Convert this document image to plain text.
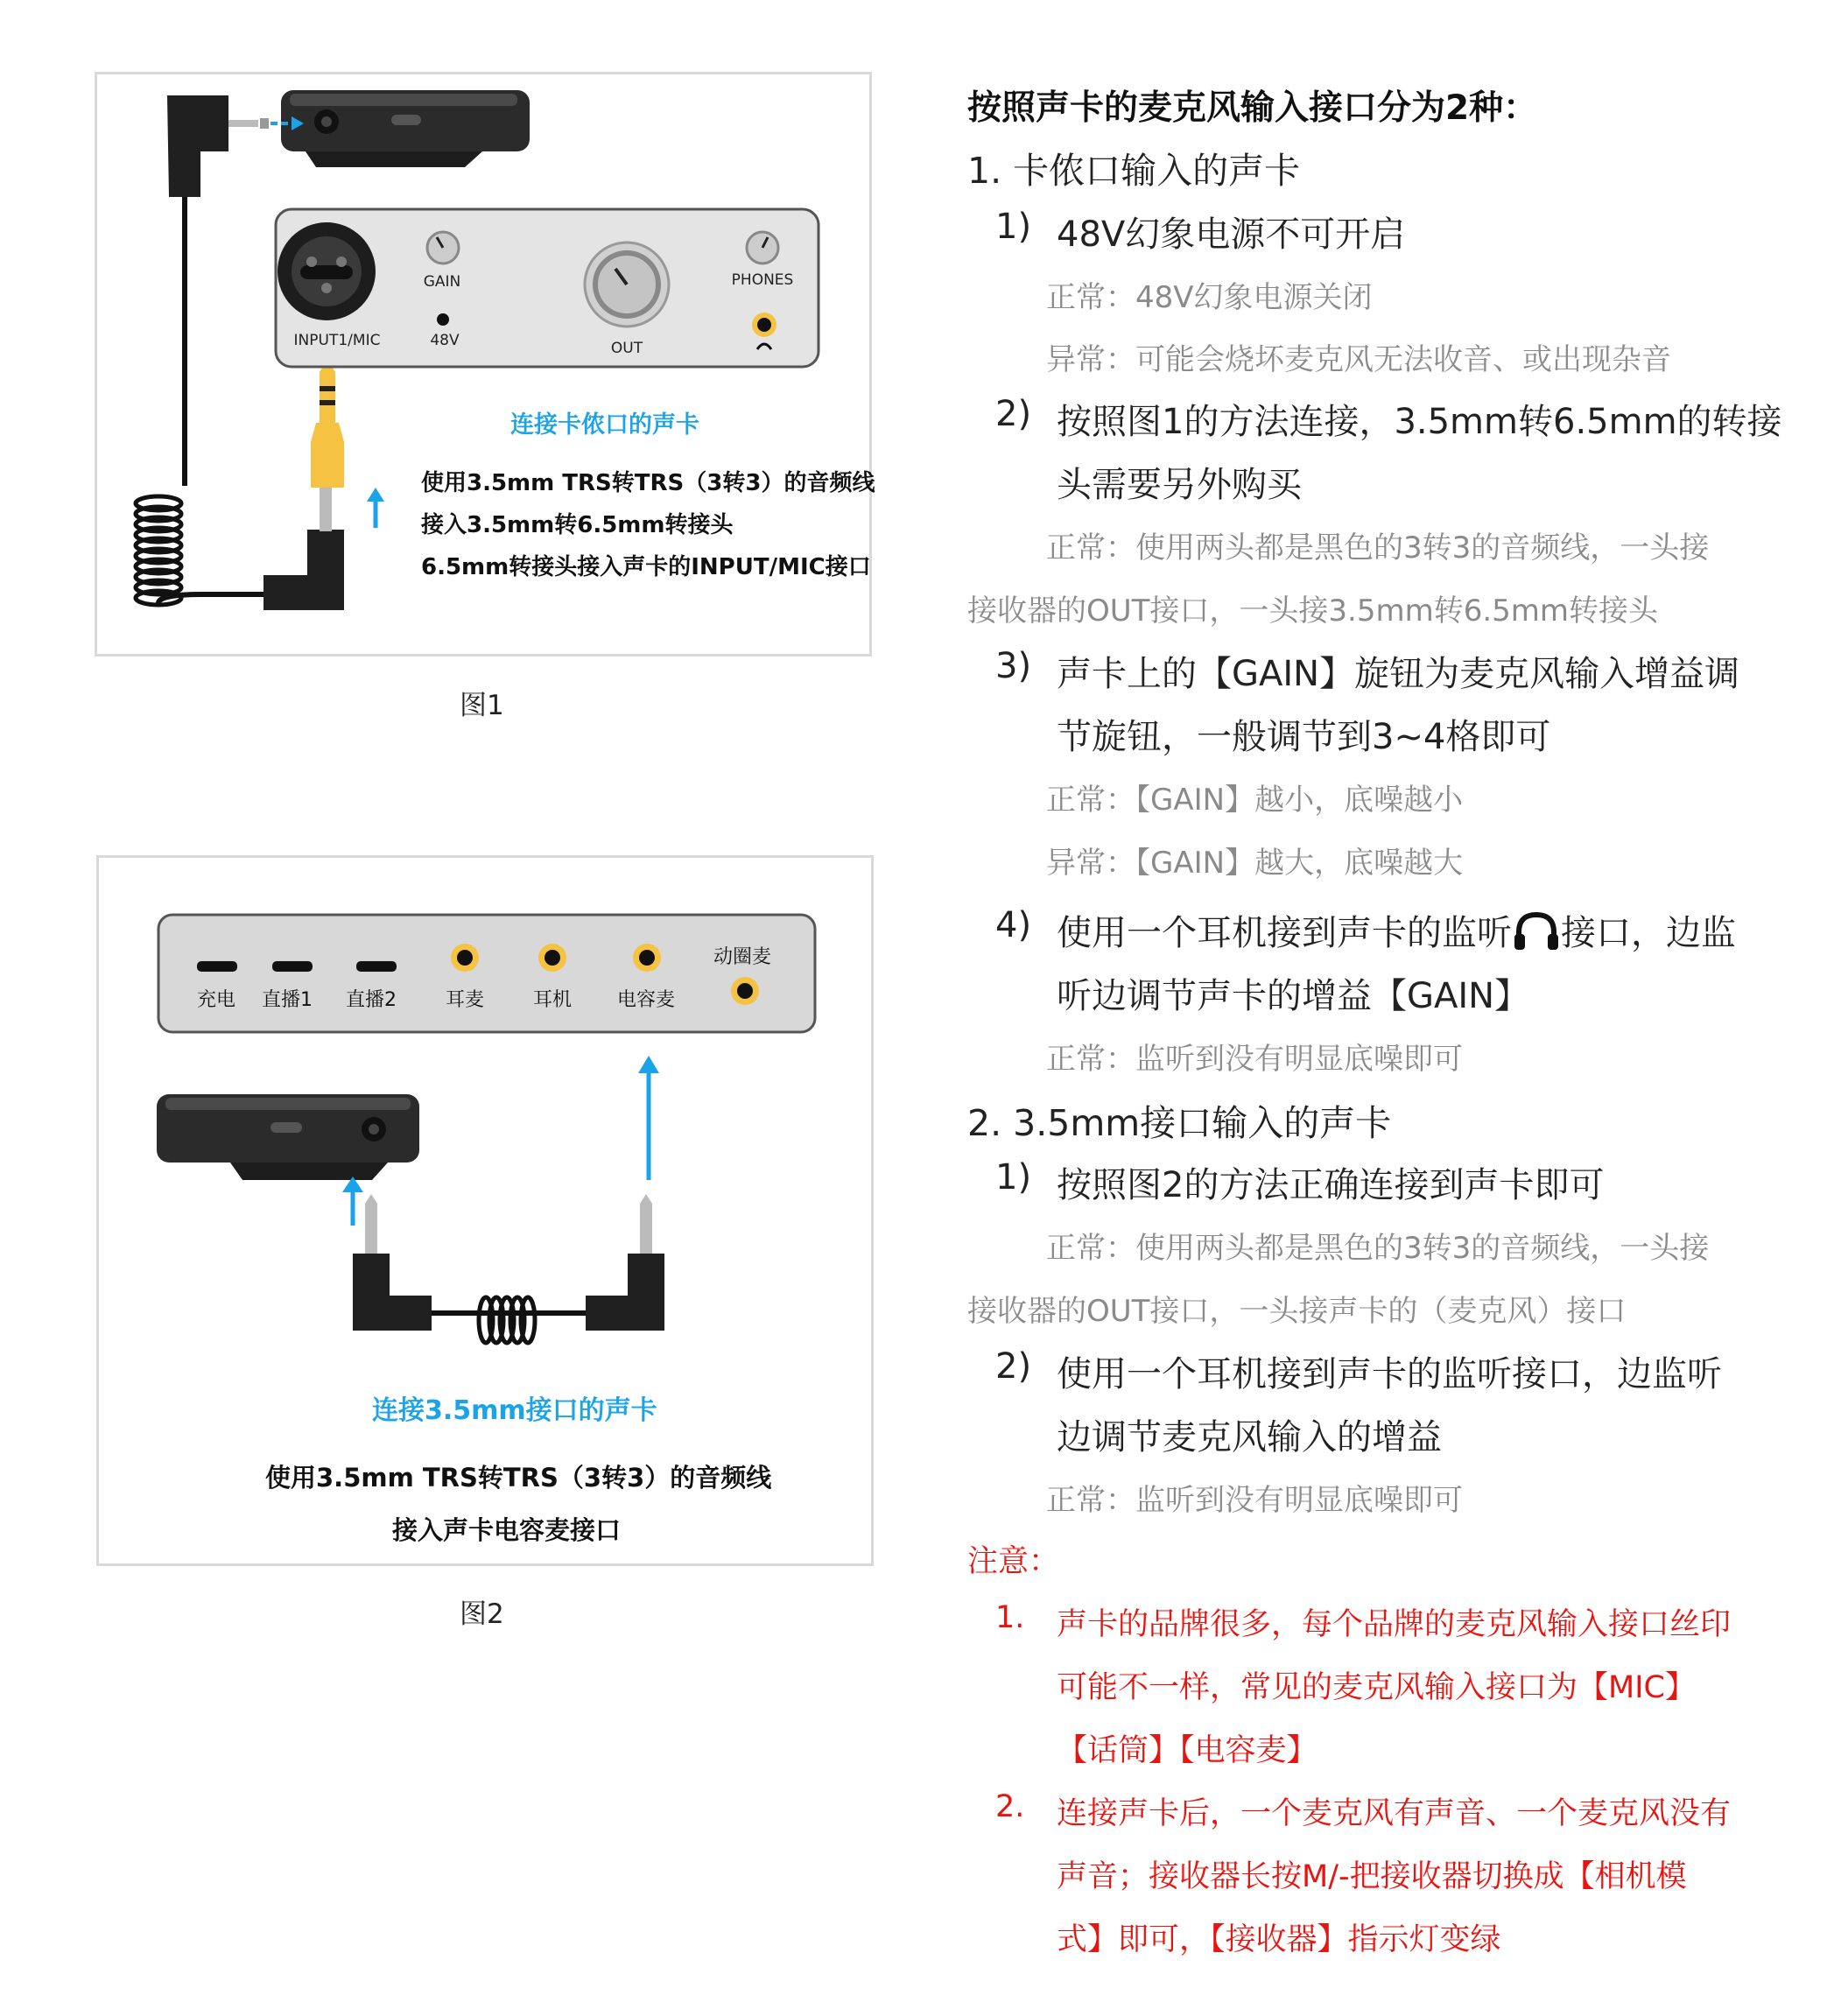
GAIN	PHONES
INPUT1/MIC	48V	OUT
连接卡侬口的声卡
使用3.5mm TRS转TRS（3转3）的音频线
接入3.5mm转6.5mm转接头
6.5mm转接头接入声卡的INPUT/MIC接口
图1
充电 直播1 直播2	耳麦	耳机 电容麦
动圈麦
连接3.5mm接口的声卡
使用3.5mm TRS转TRS（3转3）的音频线
接入声卡电容麦接口
图2
按照声卡的麦克风输入接口分为2种：
1. 卡侬口输入的声卡
1) 48V幻象电源不可开启
正常：48V幻象电源关闭
异常：可能会烧坏麦克风无法收音、或出现杂音
2) 按照图1的方法连接，3.5mm转6.5mm的转接
头需要另外购买
正常：使用两头都是黑色的3转3的音频线，一头接
接收器的OUT接口，一头接3.5mm转6.5mm转接头
3) 声卡上的【GAIN】旋钮为麦克风输入增益调
节旋钮，一般调节到3~4格即可
正常：【GAIN】越小，底噪越小
异常：【GAIN】越大，底噪越大
4) 使用一个耳机接到声卡的监听 接口，边监
听边调节声卡的增益【GAIN】
正常：监听到没有明显底噪即可
2. 3.5mm接口输入的声卡
1) 按照图2的方法正确连接到声卡即可
正常：使用两头都是黑色的3转3的音频线，一头接
接收器的OUT接口，一头接声卡的（麦克风）接口
2) 使用一个耳机接到声卡的监听接口，边监听
边调节麦克风输入的增益
正常：监听到没有明显底噪即可
注意：
1. 声卡的品牌很多，每个品牌的麦克风输入接口丝印
可能不一样，常见的麦克风输入接口为【MIC】
【话筒】【电容麦】
2. 连接声卡后，一个麦克风有声音、一个麦克风没有
声音；接收器长按M/-把接收器切换成【相机模
式】即可，【接收器】指示灯变绿
